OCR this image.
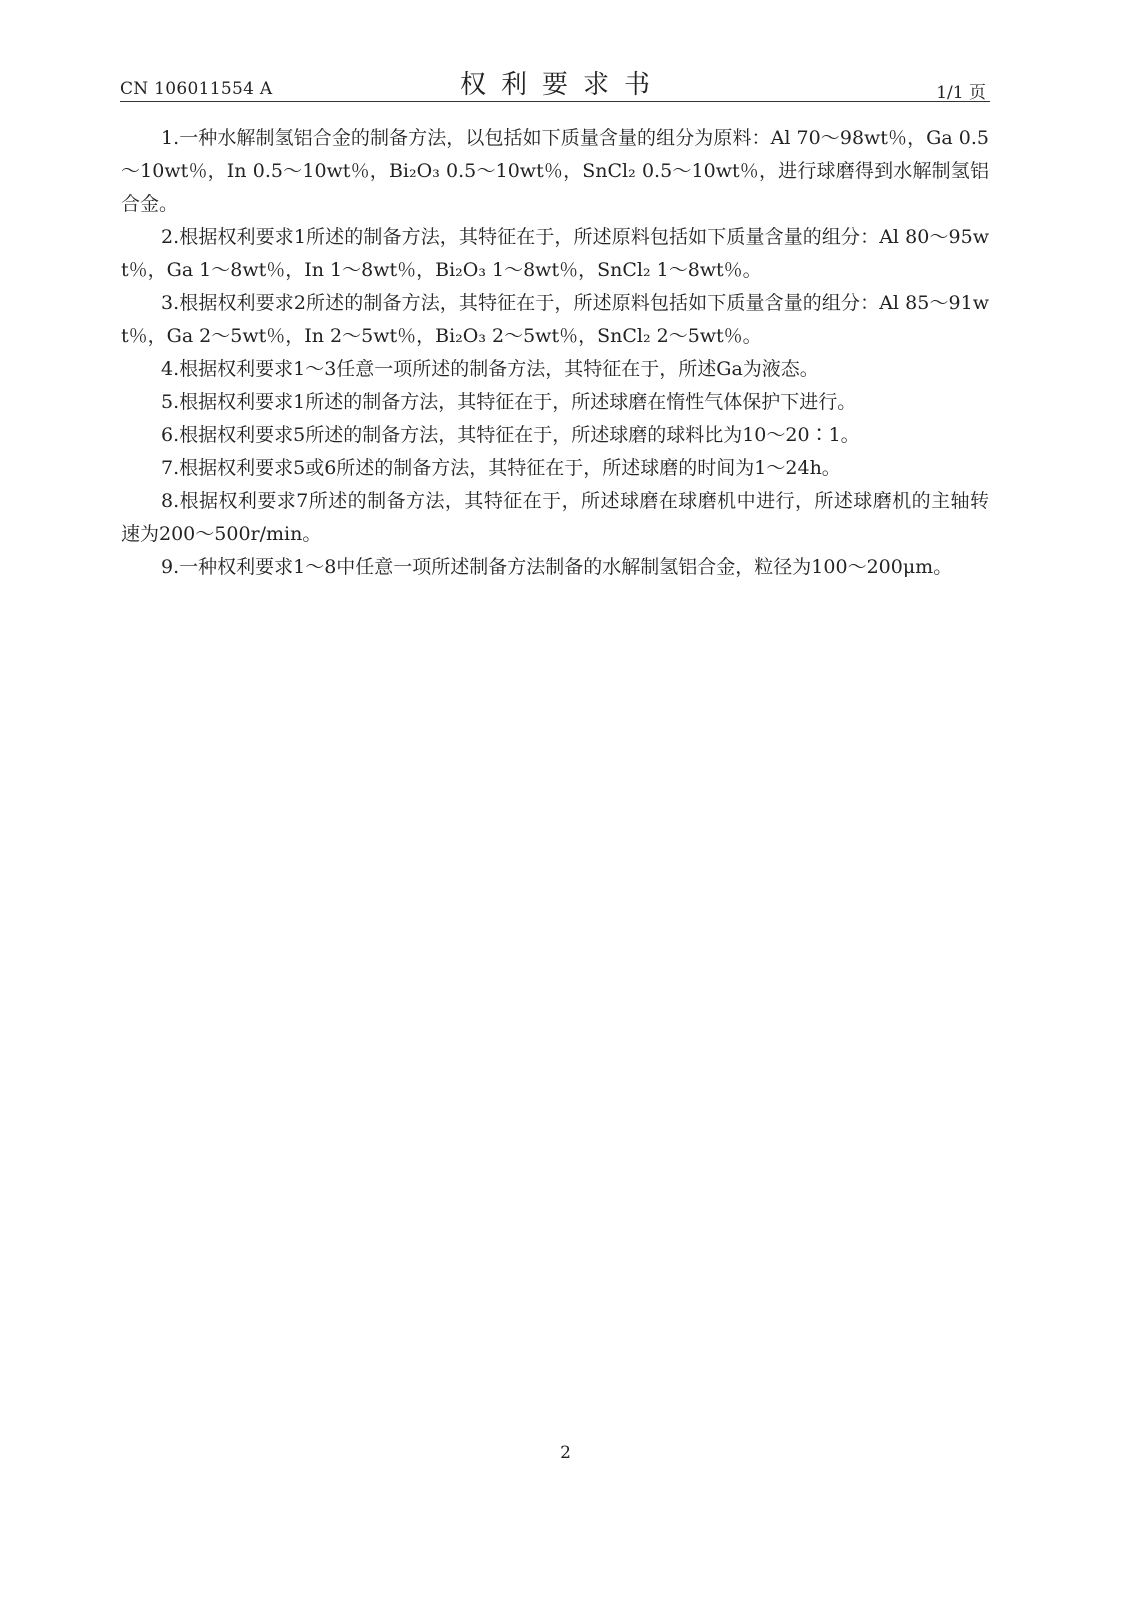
CN 106011554 A	权利要求书	1/1 页

1.一种水解制氢铝合金的制备方法，以包括如下质量含量的组分为原料：Al 70～98wt％，Ga 0.5～10wt％，In 0.5～10wt％，Bi₂O₃ 0.5～10wt％，SnCl₂ 0.5～10wt％，进行球磨得到水解制氢铝合金。

2.根据权利要求1所述的制备方法，其特征在于，所述原料包括如下质量含量的组分：Al 80～95wt％，Ga 1～8wt％，In 1～8wt％，Bi₂O₃ 1～8wt％，SnCl₂ 1～8wt％。

3.根据权利要求2所述的制备方法，其特征在于，所述原料包括如下质量含量的组分：Al 85～91wt％，Ga 2～5wt％，In 2～5wt％，Bi₂O₃ 2～5wt％，SnCl₂ 2～5wt％。

4.根据权利要求1～3任意一项所述的制备方法，其特征在于，所述Ga为液态。

5.根据权利要求1所述的制备方法，其特征在于，所述球磨在惰性气体保护下进行。

6.根据权利要求5所述的制备方法，其特征在于，所述球磨的球料比为10～20∶1。

7.根据权利要求5或6所述的制备方法，其特征在于，所述球磨的时间为1～24h。

8.根据权利要求7所述的制备方法，其特征在于，所述球磨在球磨机中进行，所述球磨机的主轴转速为200～500r/min。

9.一种权利要求1～8中任意一项所述制备方法制备的水解制氢铝合金，粒径为100～200μm。

2
